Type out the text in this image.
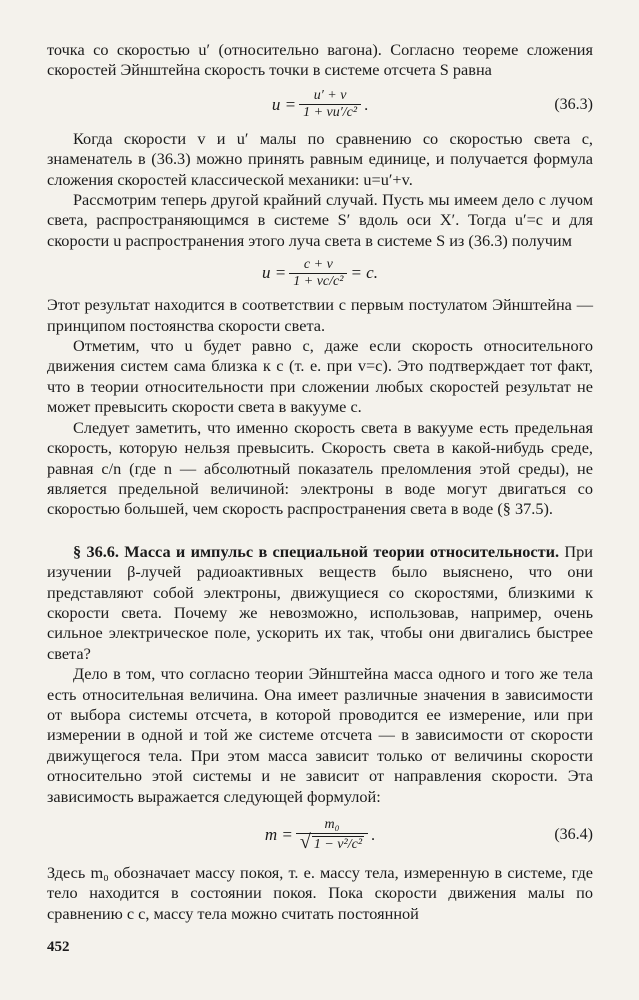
точка со скоростью u′ (относительно вагона). Согласно теореме сложения скоростей Эйнштейна скорость точки в системе отсчета S равна

$u = \frac{u' + v}{\text{1 + vu′/c²}}$ .	(36.3)

Когда скорости v и u′ малы по сравнению со скоростью света c, знаменатель в (36.3) можно принять равным единице, и получается формула сложения скоростей классической механики: u=u′+v.

Рассмотрим теперь другой крайний случай. Пусть мы имеем дело с лучом света, распространяющимся в системе S′ вдоль оси X′. Тогда u′=c и для скорости u распространения этого луча света в системе S из (36.3) получим

$u = \frac{c + v}{\text{1 + vc/c²}} = c$.

Этот результат находится в соответствии с первым постулатом Эйнштейна — принципом постоянства скорости света.

Отметим, что u будет равно c, даже если скорость относительного движения систем сама близка к c (т. е. при v=c). Это подтверждает тот факт, что в теории относительности при сложении любых скоростей результат не может превысить скорости света в вакууме c.

Следует заметить, что именно скорость света в вакууме есть предельная скорость, которую нельзя превысить. Скорость света в какой-нибудь среде, равная c/n (где n — абсолютный показатель преломления этой среды), не является предельной величиной: электроны в воде могут двигаться со скоростью большей, чем скорость распространения света в воде (§ 37.5).

§ 36.6. Масса и импульс в специальной теории относительности. При изучении β-лучей радиоактивных веществ было выяснено, что они представляют собой электроны, движущиеся со скоростями, близкими к скорости света. Почему же невозможно, использовав, например, очень сильное электрическое поле, ускорить их так, чтобы они двигались быстрее света?

Дело в том, что согласно теории Эйнштейна масса одного и того же тела есть относительная величина. Она имеет различные значения в зависимости от выбора системы отсчета, в которой проводится ее измерение, или при измерении в одной и той же системе отсчета — в зависимости от скорости движущегося тела. При этом масса зависит только от величины скорости относительно этой системы и не зависит от направления скорости. Эта зависимость выражается следующей формулой:

$m = \frac{\text{m₀}}{\text{√ 1 − v²/c²}}$ .	(36.4)

Здесь m₀ обозначает массу покоя, т. е. массу тела, измеренную в системе, где тело находится в состоянии покоя. Пока скорости движения малы по сравнению с c, массу тела можно считать постоянной

452
